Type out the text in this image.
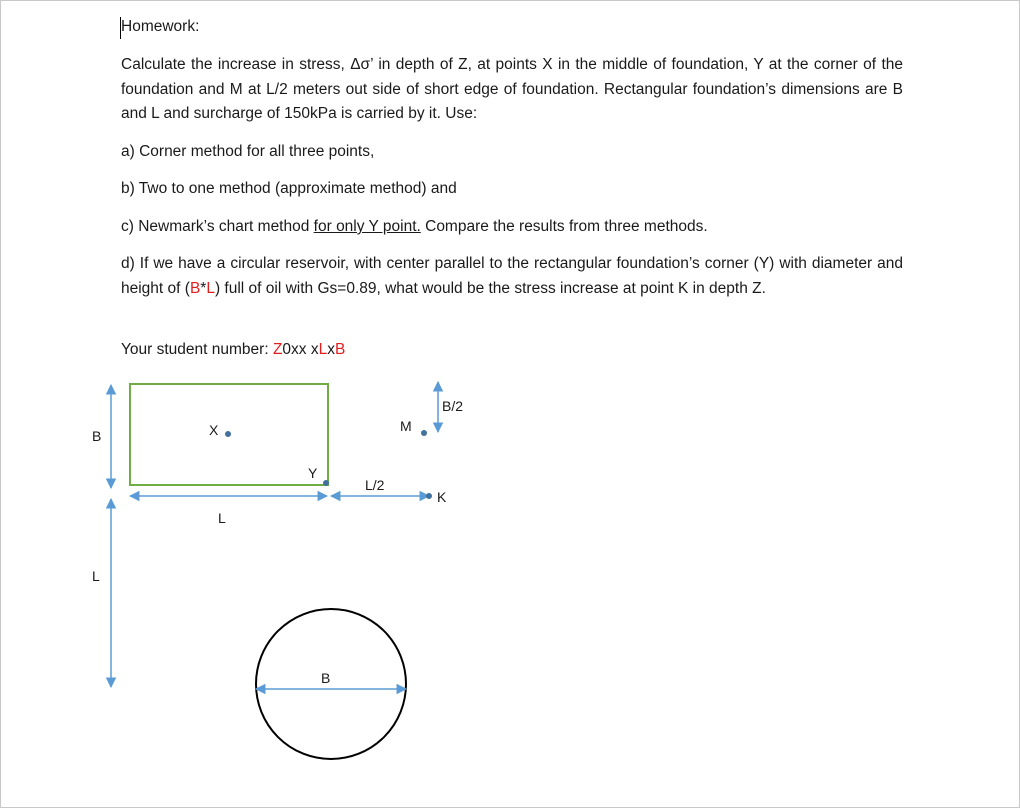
Homework:
Calculate the increase in stress, Δσ’ in depth of Z, at points X in the middle of foundation, Y at the corner of the foundation and M at L/2 meters out side of short edge of foundation. Rectangular foundation’s dimensions are B and L and surcharge of 150kPa is carried by it. Use:
a) Corner method for all three points,
b) Two to one method (approximate method) and
c) Newmark’s chart method for only Y point. Compare the results from three methods.
d) If we have a circular reservoir, with center parallel to the rectangular foundation’s corner (Y) with diameter and height of (B*L) full of oil with Gs=0.89, what would be the stress increase at point K in depth Z.
Your student number: Z0xx xLxB
B	X
Y
M
B/2
L/2
K
L
L
B
